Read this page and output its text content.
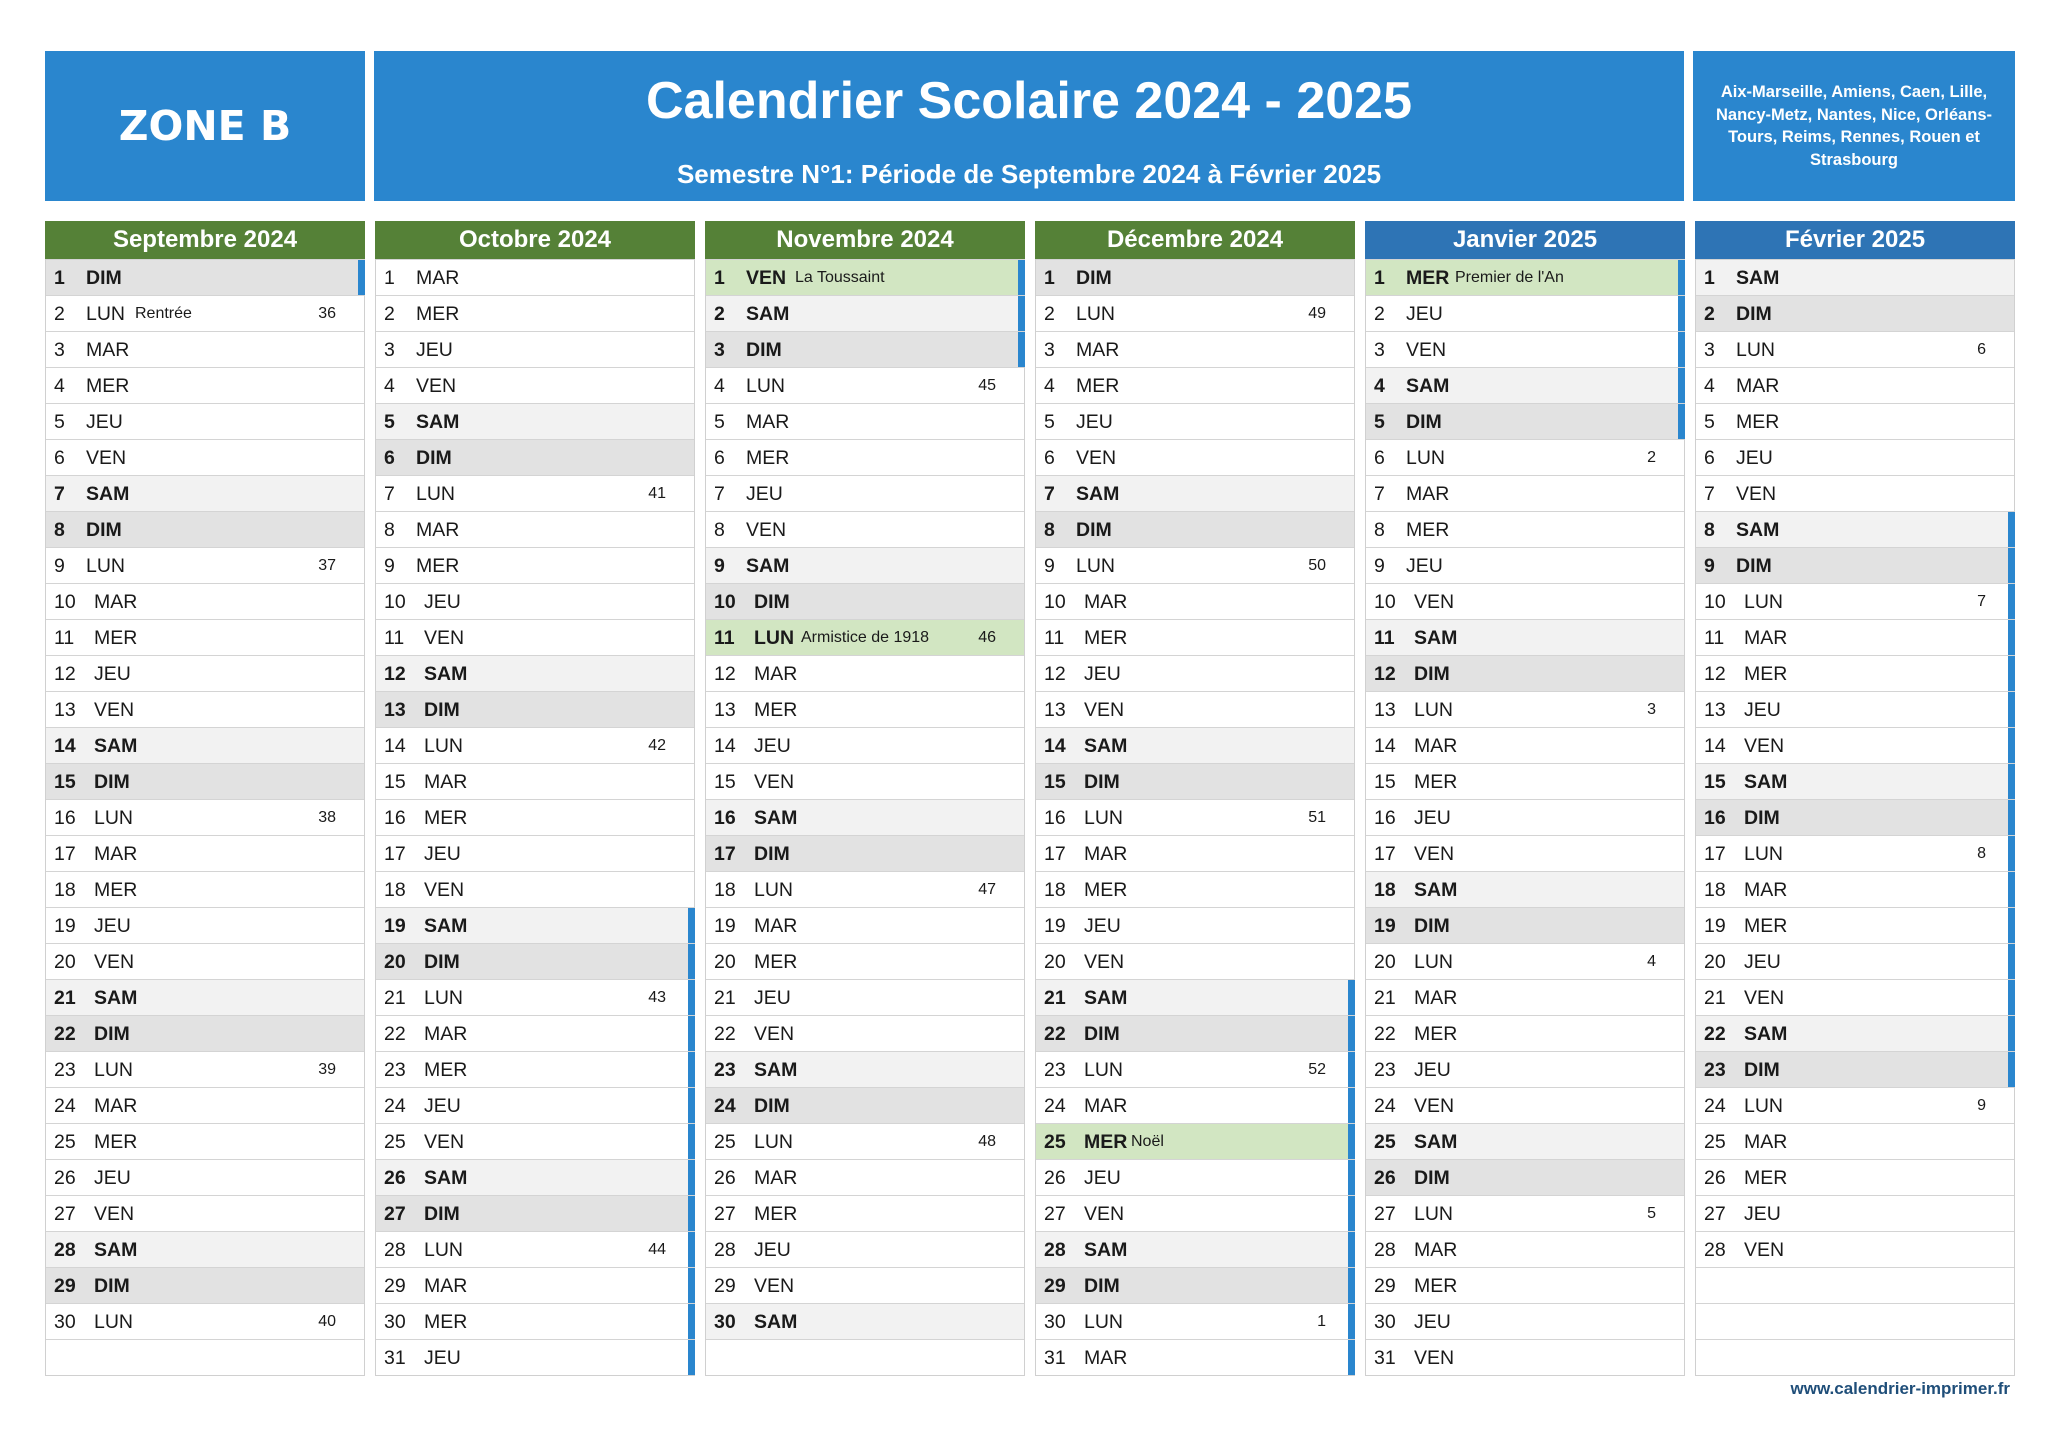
ZONE B	Calendrier Scolaire 2024 - 2025
Semestre N°1: Période de Septembre 2024 à Février 2025
Aix-Marseille, Amiens, Caen, Lille, Nancy-Metz, Nantes, Nice, Orléans-Tours, Reims, Rennes, Rouen et Strasbourg
Septembre 2024
1 DIM
2 LUN Rentrée	36
3 MAR
4 MER
5 JEU
6 VEN
7 SAM
8 DIM
9 LUN	37
10 MAR
11 MER
12 JEU
13 VEN
14 SAM
15 DIM
16 LUN	38
17 MAR
18 MER
19 JEU
20 VEN
21 SAM
22 DIM
23 LUN	39
24 MAR
25 MER
26 JEU
27 VEN
28 SAM
29 DIM
30 LUN	40
Octobre 2024
1 MAR
2 MER
3 JEU
4 VEN
5 SAM
6 DIM
7 LUN	41
8 MAR
9 MER
10 JEU
11 VEN
12 SAM
13 DIM
14 LUN	42
15 MAR
16 MER
17 JEU
18 VEN
19 SAM
20 DIM
21 LUN	43
22 MAR
23 MER
24 JEU
25 VEN
26 SAM
27 DIM
28 LUN	44
29 MAR
30 MER
31 JEU
Novembre 2024
1 VEN La Toussaint
2 SAM
3 DIM
4 LUN	45
5 MAR
6 MER
7 JEU
8 VEN
9 SAM
10 DIM
11 LUN Armistice de 1918	46
12 MAR
13 MER
14 JEU
15 VEN
16 SAM
17 DIM
18 LUN	47
19 MAR
20 MER
21 JEU
22 VEN
23 SAM
24 DIM
25 LUN	48
26 MAR
27 MER
28 JEU
29 VEN
30 SAM
Décembre 2024
1 DIM
2 LUN	49
3 MAR
4 MER
5 JEU
6 VEN
7 SAM
8 DIM
9 LUN	50
10 MAR
11 MER
12 JEU
13 VEN
14 SAM
15 DIM
16 LUN	51
17 MAR
18 MER
19 JEU
20 VEN
21 SAM
22 DIM
23 LUN	52
24 MAR
25 MER Noël
26 JEU
27 VEN
28 SAM
29 DIM
30 LUN	1
31 MAR
Janvier 2025
1 MER Premier de l'An
2 JEU
3 VEN
4 SAM
5 DIM
6 LUN	2
7 MAR
8 MER
9 JEU
10 VEN
11 SAM
12 DIM
13 LUN	3
14 MAR
15 MER
16 JEU
17 VEN
18 SAM
19 DIM
20 LUN	4
21 MAR
22 MER
23 JEU
24 VEN
25 SAM
26 DIM
27 LUN	5
28 MAR
29 MER
30 JEU
31 VEN
Février 2025
1 SAM
2 DIM
3 LUN	6
4 MAR
5 MER
6 JEU
7 VEN
8 SAM
9 DIM
10 LUN	7
11 MAR
12 MER
13 JEU
14 VEN
15 SAM
16 DIM
17 LUN	8
18 MAR
19 MER
20 JEU
21 VEN
22 SAM
23 DIM
24 LUN	9
25 MAR
26 MER
27 JEU
28 VEN
www.calendrier-imprimer.fr
